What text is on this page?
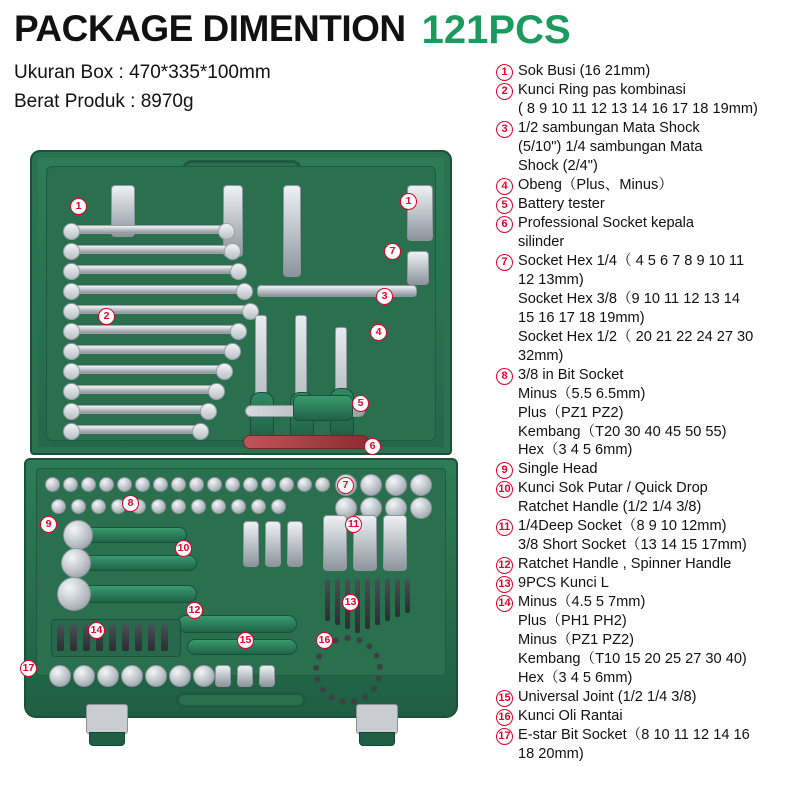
PACKAGE DIMENTION 121PCS
Ukuran Box : 470*335*100mm
Berat Produk : 8970g
1	1
7
3
2
4
5
6
7
8
9	11
10
12
13
14
15	16
17
1 Sok Busi (16 21mm)
2 Kunci Ring pas kombinasi
( 8 9 10 11 12 13 14 16 17 18 19mm)
3 1/2 sambungan Mata Shock
(5/10") 1/4 sambungan Mata
Shock (2/4")
4 Obeng（Plus、Minus）
5 Battery tester
6 Professional Socket kepala
silinder
7 Socket Hex 1/4（ 4 5 6 7 8 9 10 11
12 13mm)
Socket Hex 3/8（9 10 11 12 13 14
15 16 17 18 19mm)
Socket Hex 1/2（ 20 21 22 24 27 30
32mm)
8 3/8 in Bit Socket
Minus（5.5 6.5mm)
Plus（PZ1 PZ2)
Kembang（T20 30 40 45 50 55)
Hex（3 4 5 6mm)
9 Single Head
10 Kunci Sok Putar / Quick Drop
Ratchet Handle (1/2 1/4 3/8)
11 1/4Deep Socket（8 9 10 12mm)
3/8 Short Socket（13 14 15 17mm)
12 Ratchet Handle , Spinner Handle
13 9PCS Kunci L
14 Minus（4.5 5 7mm)
Plus（PH1 PH2)
Minus（PZ1 PZ2)
Kembang（T10 15 20 25 27 30 40)
Hex（3 4 5 6mm)
15 Universal Joint (1/2 1/4 3/8)
16 Kunci Oli Rantai
17 E-star Bit Socket（8 10 11 12 14 16
18 20mm)
